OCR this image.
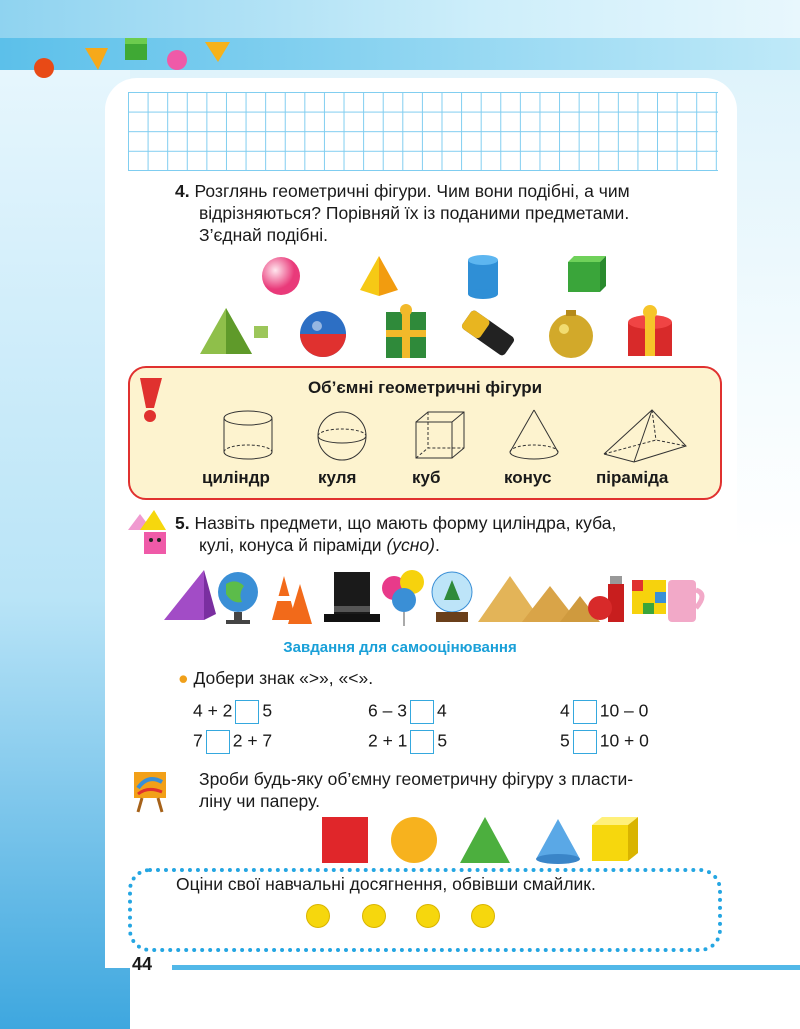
4. Розглянь геометричні фігури. Чим вони подібні, а чим
відрізняються? Порівняй їх із поданими предметами.
З’єднай подібні.
Об’ємні геометричні фігури
циліндр	куля	куб	конус	піраміда
5. Назвіть предмети, що мають форму циліндра, куба,
кулі, конуса й піраміди (усно).
Завдання для самооцінювання
● Добери знак «>», «<».
4 + 2 5	6 – 3 4	4 10 – 0
7 2 + 7	2 + 1 5	5 10 + 0
Зроби будь-яку об’ємну геометричну фігуру з пласти-
ліну чи паперу.
Оціни свої навчальні досягнення, обвівши смайлик.
44
